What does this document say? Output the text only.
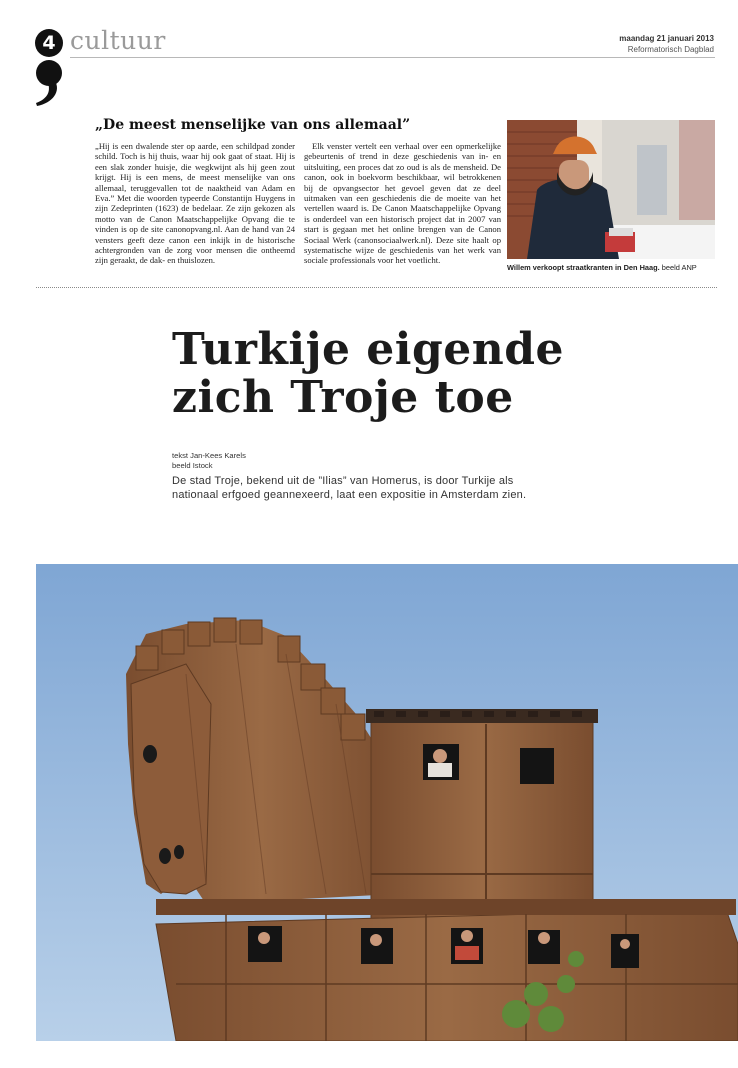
4 cultuur	maandag 21 januari 2013
Reformatorisch Dagblad
„De meest menselijke van ons allemaal”

„Hij is een dwalende ster op aarde, een schildpad zonder schild. Toch is hij thuis, waar hij ook gaat of staat. Hij is een slak zonder huisje, die wegkwijnt als hij geen zout krijgt. Hij is een mens, de meest menselijke van ons allemaal, teruggevallen tot de naaktheid van Adam en Eva.” Met die woorden typeerde Constantijn Huygens in zijn Zedeprinten (1623) de bedelaar. Ze zijn gekozen als motto van de Canon Maatschappelijke Opvang die te vinden is op de site canonopvang.nl. Aan de hand van 24 vensters geeft deze canon een inkijk in de historische achtergronden van de zorg voor mensen die ontheemd zijn geraakt, de dak- en thuislozen.

Elk venster vertelt een verhaal over een opmerkelijke gebeurtenis of trend in deze geschiedenis van in- en uitsluiting, een proces dat zo oud is als de mensheid. De canon, ook in boekvorm beschikbaar, wil betrokkenen bij de opvangsector het gevoel geven dat ze deel uitmaken van een geschiedenis die de moeite van het vertellen waard is. De Canon Maatschappelijke Opvang is onderdeel van een historisch project dat in 2007 van start is gegaan met het online brengen van de Canon Sociaal Werk (canonsociaalwerk.nl). Deze site haalt op systematische wijze de geschiedenis van het werk van sociale professionals voor het voetlicht.

Willem verkoopt straatkranten in Den Haag. beeld ANP
Turkije eigende
zich Troje toe
tekst Jan-Kees Karels
beeld Istock
De stad Troje, bekend uit de ”Ilias” van Homerus, is door Turkije als nationaal erfgoed geannexeerd, laat een expositie in Amsterdam zien.
